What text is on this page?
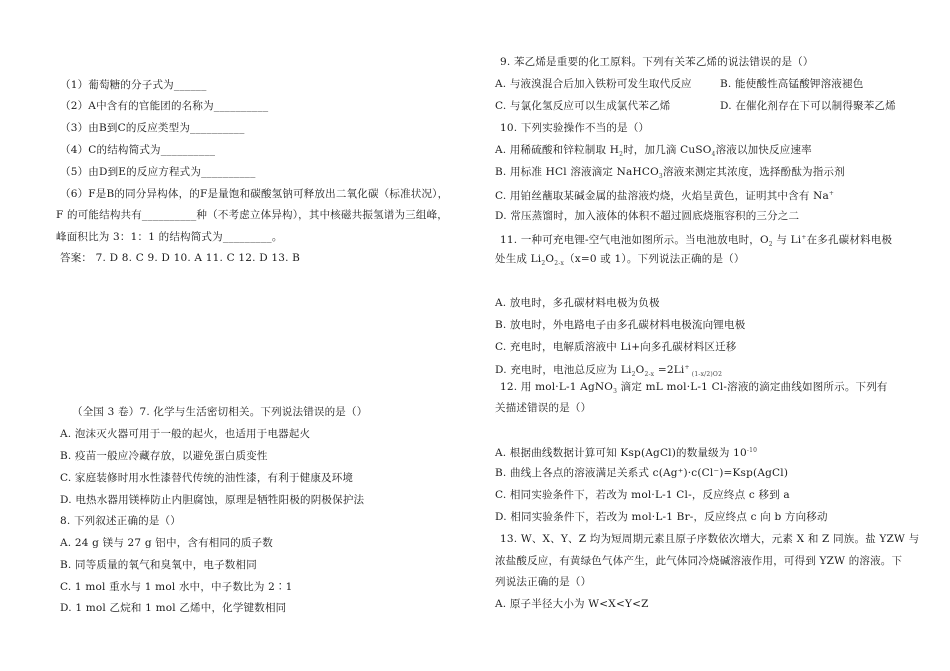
（1）葡萄糖的分子式为______
（2）A中含有的官能团的名称为__________
（3）由B到C的反应类型为__________
（4）C的结构简式为__________
（5）由D到E的反应方程式为__________
（6）F是B的同分异构体，的F是量饱和碳酸氢钠可释放出二氧化碳（标准状况），
F 的可能结构共有__________种（不考虑立体异构），其中核磁共振氢谱为三组峰，
峰面积比为 3：1：1 的结构简式为_________。
答案： 7. D 8. C 9. D 10. A 11. C 12. D 13. B
（全国 3 卷）7. 化学与生活密切相关。下列说法错误的是（）
A. 泡沫灭火器可用于一般的起火，也适用于电器起火
B. 疫苗一般应冷藏存放，以避免蛋白质变性
C. 家庭装修时用水性漆替代传统的油性漆，有利于健康及环境
D. 电热水器用镁棒防止内胆腐蚀，原理是牺牲阳极的阴极保护法
8. 下列叙述正确的是（）
A. 24 g 镁与 27 g 铝中，含有相同的质子数
B. 同等质量的氧气和臭氧中，电子数相同
C. 1 mol 重水与 1 mol 水中，中子数比为 2∶1
D. 1 mol 乙烷和 1 mol 乙烯中，化学键数相同
9. 苯乙烯是重要的化工原料。下列有关苯乙烯的说法错误的是（）
A. 与液溴混合后加入铁粉可发生取代反应	B. 能使酸性高锰酸钾溶液褪色
C. 与氯化氢反应可以生成氯代苯乙烯	D. 在催化剂存在下可以制得聚苯乙烯
10. 下列实验操作不当的是（）
A. 用稀硫酸和锌粒制取 $H_2$时，加几滴 CuSO$_4$溶液以加快反应速率
B. 用标准 HCl 溶液滴定 NaHCO$_3$溶液来测定其浓度，选择酚酞为指示剂
C. 用铂丝蘸取某碱金属的盐溶液灼烧，火焰呈黄色，证明其中含有 Na+
D. 常压蒸馏时，加入液体的体积不超过圆底烧瓶容积的三分之二
11. 一种可充电锂-空气电池如图所示。当电池放电时，$O_2$ 与 Li+在多孔碳材料电极
处生成 $Li_2O_{2-x}(x=0$ 或 1）。下列说法正确的是（）
A. 放电时，多孔碳材料电极为负极
B. 放电时，外电路电子由多孔碳材料电极流向锂电极
C. 充电时，电解质溶液中 Li+向多孔碳材料区迁移
D. 充电时，电池总反应为 $Li_2O_{2-x} =2Li^+$ $_{(1-x/2)O2}$
12. 用 mol·L-1 AgNO$_3$ 滴定 mL mol·L-1 Cl-溶液的滴定曲线如图所示。下列有
关描述错误的是（）
A. 根据曲线数据计算可知 Ksp(AgCl)的数量级为 $10^{-10}$
B. 曲线上各点的溶液满足关系式 c(Ag⁺)·c(Cl⁻)=Ksp(AgCl)
C. 相同实验条件下，若改为 mol·L-1 Cl-，反应终点 c 移到 a
D. 相同实验条件下，若改为 mol·L-1 Br-，反应终点 c 向 b 方向移动
13. W、X、Y、Z 均为短周期元素且原子序数依次增大，元素 X 和 Z 同族。盐 YZW 与
浓盐酸反应，有黄绿色气体产生，此气体同冷烧碱溶液作用，可得到 YZW 的溶液。下
列说法正确的是（）
A. 原子半径大小为 W<X<Y<Z
